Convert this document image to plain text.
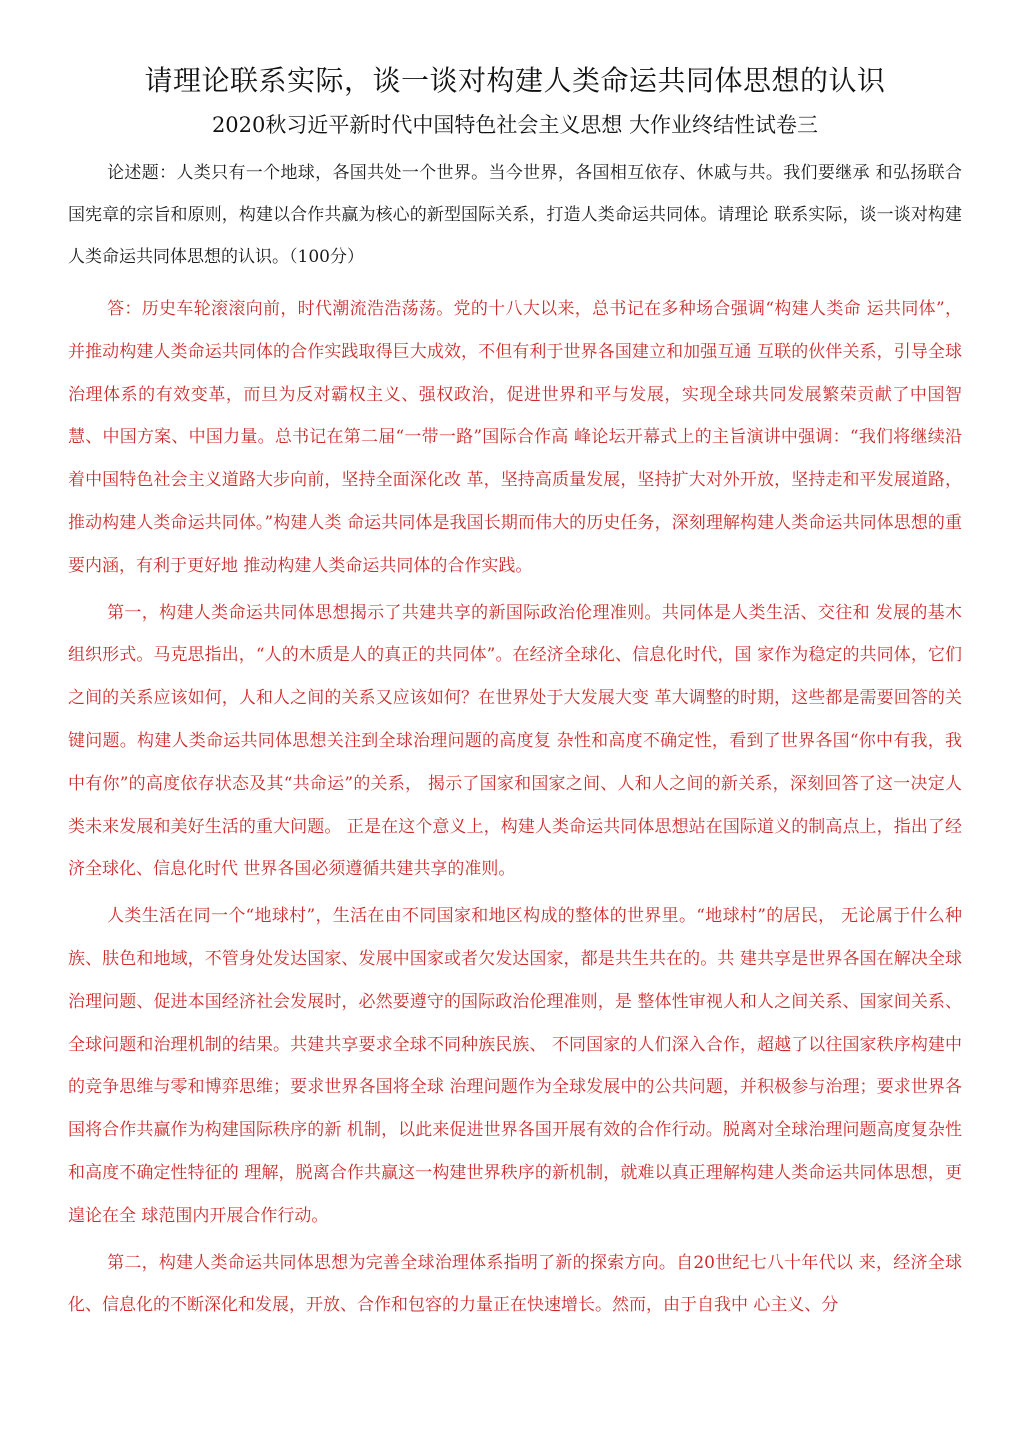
请理论联系实际，谈一谈对构建人类命运共同体思想的认识
2020秋习近平新时代中国特色社会主义思想 大作业终结性试卷三

论述题：人类只有一个地球，各国共处一个世界。当今世界，各国相互依存、休戚与共。我们要继承 和弘扬联合国宪章的宗旨和原则，构建以合作共赢为核心的新型国际关系，打造人类命运共同体。请理论 联系实际，谈一谈对构建人类命运共同体思想的认识。（100分）

答：历史车轮滚滚向前，时代潮流浩浩荡荡。党的十八大以来，总书记在多种场合强调“构建人类命 运共同体”，并推动构建人类命运共同体的合作实践取得巨大成效，不但有利于世界各国建立和加强互通 互联的伙伴关系，引导全球治理体系的有效变革，而旦为反对霸权主义、强权政治，促进世界和平与发展，实现全球共同发展繁荣贡献了中国智慧、中国方案、中国力量。总书记在第二届“一带一路”国际合作高 峰论坛开幕式上的主旨演讲中强调：“我们将继续沿着中国特色社会主义道路大步向前，坚持全面深化改 革，坚持高质量发展，坚持扩大对外开放，坚持走和平发展道路，推动构建人类命运共同体。”构建人类 命运共同体是我国长期而伟大的历史任务，深刻理解构建人类命运共同体思想的重要内涵，有利于更好地 推动构建人类命运共同体的合作实践。

第一，构建人类命运共同体思想揭示了共建共享的新国际政治伦理准则。共同体是人类生活、交往和 发展的基木组织形式。马克思指出，“人的木质是人的真正的共同体”。在经济全球化、信息化时代，国 家作为稳定的共同体，它们之间的关系应该如何，人和人之间的关系又应该如何？在世界处于大发展大变 革大调整的时期，这些都是需要回答的关键问题。构建人类命运共同体思想关注到全球治理问题的高度复 杂性和高度不确定性，看到了世界各国“你中有我，我中有你”的高度依存状态及其“共命运”的关系， 揭示了国家和国家之间、人和人之间的新关系，深刻回答了这一决定人类未来发展和美好生活的重大问题。 正是在这个意义上，构建人类命运共同体思想站在国际道义的制高点上，指出了经济全球化、信息化时代 世界各国必须遵循共建共享的准则。

人类生活在同一个“地球村”，生活在由不同国家和地区构成的整体的世界里。“地球村”的居民， 无论属于什么种族、肤色和地域，不管身处发达国家、发展中国家或者欠发达国家，都是共生共在的。共 建共享是世界各国在解决全球治理问题、促进本国经济社会发展时，必然要遵守的国际政治伦理准则，是 整体性审视人和人之间关系、国家间关系、全球问题和治理机制的结果。共建共享要求全球不同种族民族、 不同国家的人们深入合作，超越了以往国家秩序构建中的竞争思维与零和博弈思维；要求世界各国将全球 治理问题作为全球发展中的公共问题，并积极参与治理；要求世界各国将合作共赢作为构建国际秩序的新 机制，以此来促进世界各国开展有效的合作行动。脱离对全球治理问题高度复杂性和高度不确定性特征的 理解，脱离合作共赢这一构建世界秩序的新机制，就难以真正理解构建人类命运共同体思想，更遑论在全 球范围内开展合作行动。

第二，构建人类命运共同体思想为完善全球治理体系指明了新的探索方向。自20世纪七八十年代以 来，经济全球化、信息化的不断深化和发展，开放、合作和包容的力量正在快速增长。然而，由于自我中 心主义、分
